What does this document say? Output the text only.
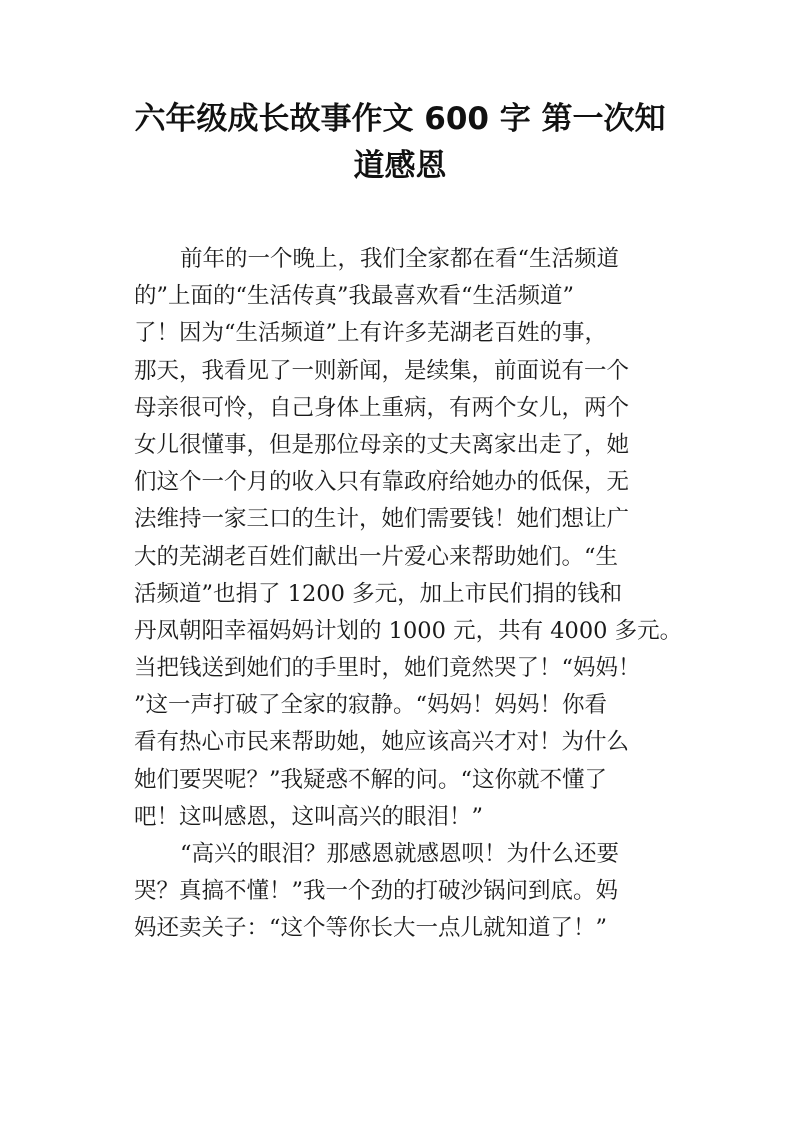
六年级成长故事作文 600 字 第一次知
道感恩
前年的一个晚上，我们全家都在看“生活频道
的”上面的“生活传真”我最喜欢看“生活频道”
了！因为“生活频道”上有许多芜湖老百姓的事，
那天，我看见了一则新闻，是续集，前面说有一个
母亲很可怜，自己身体上重病，有两个女儿，两个
女儿很懂事，但是那位母亲的丈夫离家出走了，她
们这个一个月的收入只有靠政府给她办的低保，无
法维持一家三口的生计，她们需要钱！她们想让广
大的芜湖老百姓们献出一片爱心来帮助她们。“生
活频道”也捐了 1200 多元，加上市民们捐的钱和
丹凤朝阳幸福妈妈计划的 1000 元，共有 4000 多元。
当把钱送到她们的手里时，她们竟然哭了！“妈妈！
”这一声打破了全家的寂静。“妈妈！妈妈！你看
看有热心市民来帮助她，她应该高兴才对！为什么
她们要哭呢？”我疑惑不解的问。“这你就不懂了
吧！这叫感恩，这叫高兴的眼泪！”
“高兴的眼泪？那感恩就感恩呗！为什么还要
哭？真搞不懂！”我一个劲的打破沙锅问到底。妈
妈还卖关子：“这个等你长大一点儿就知道了！”
